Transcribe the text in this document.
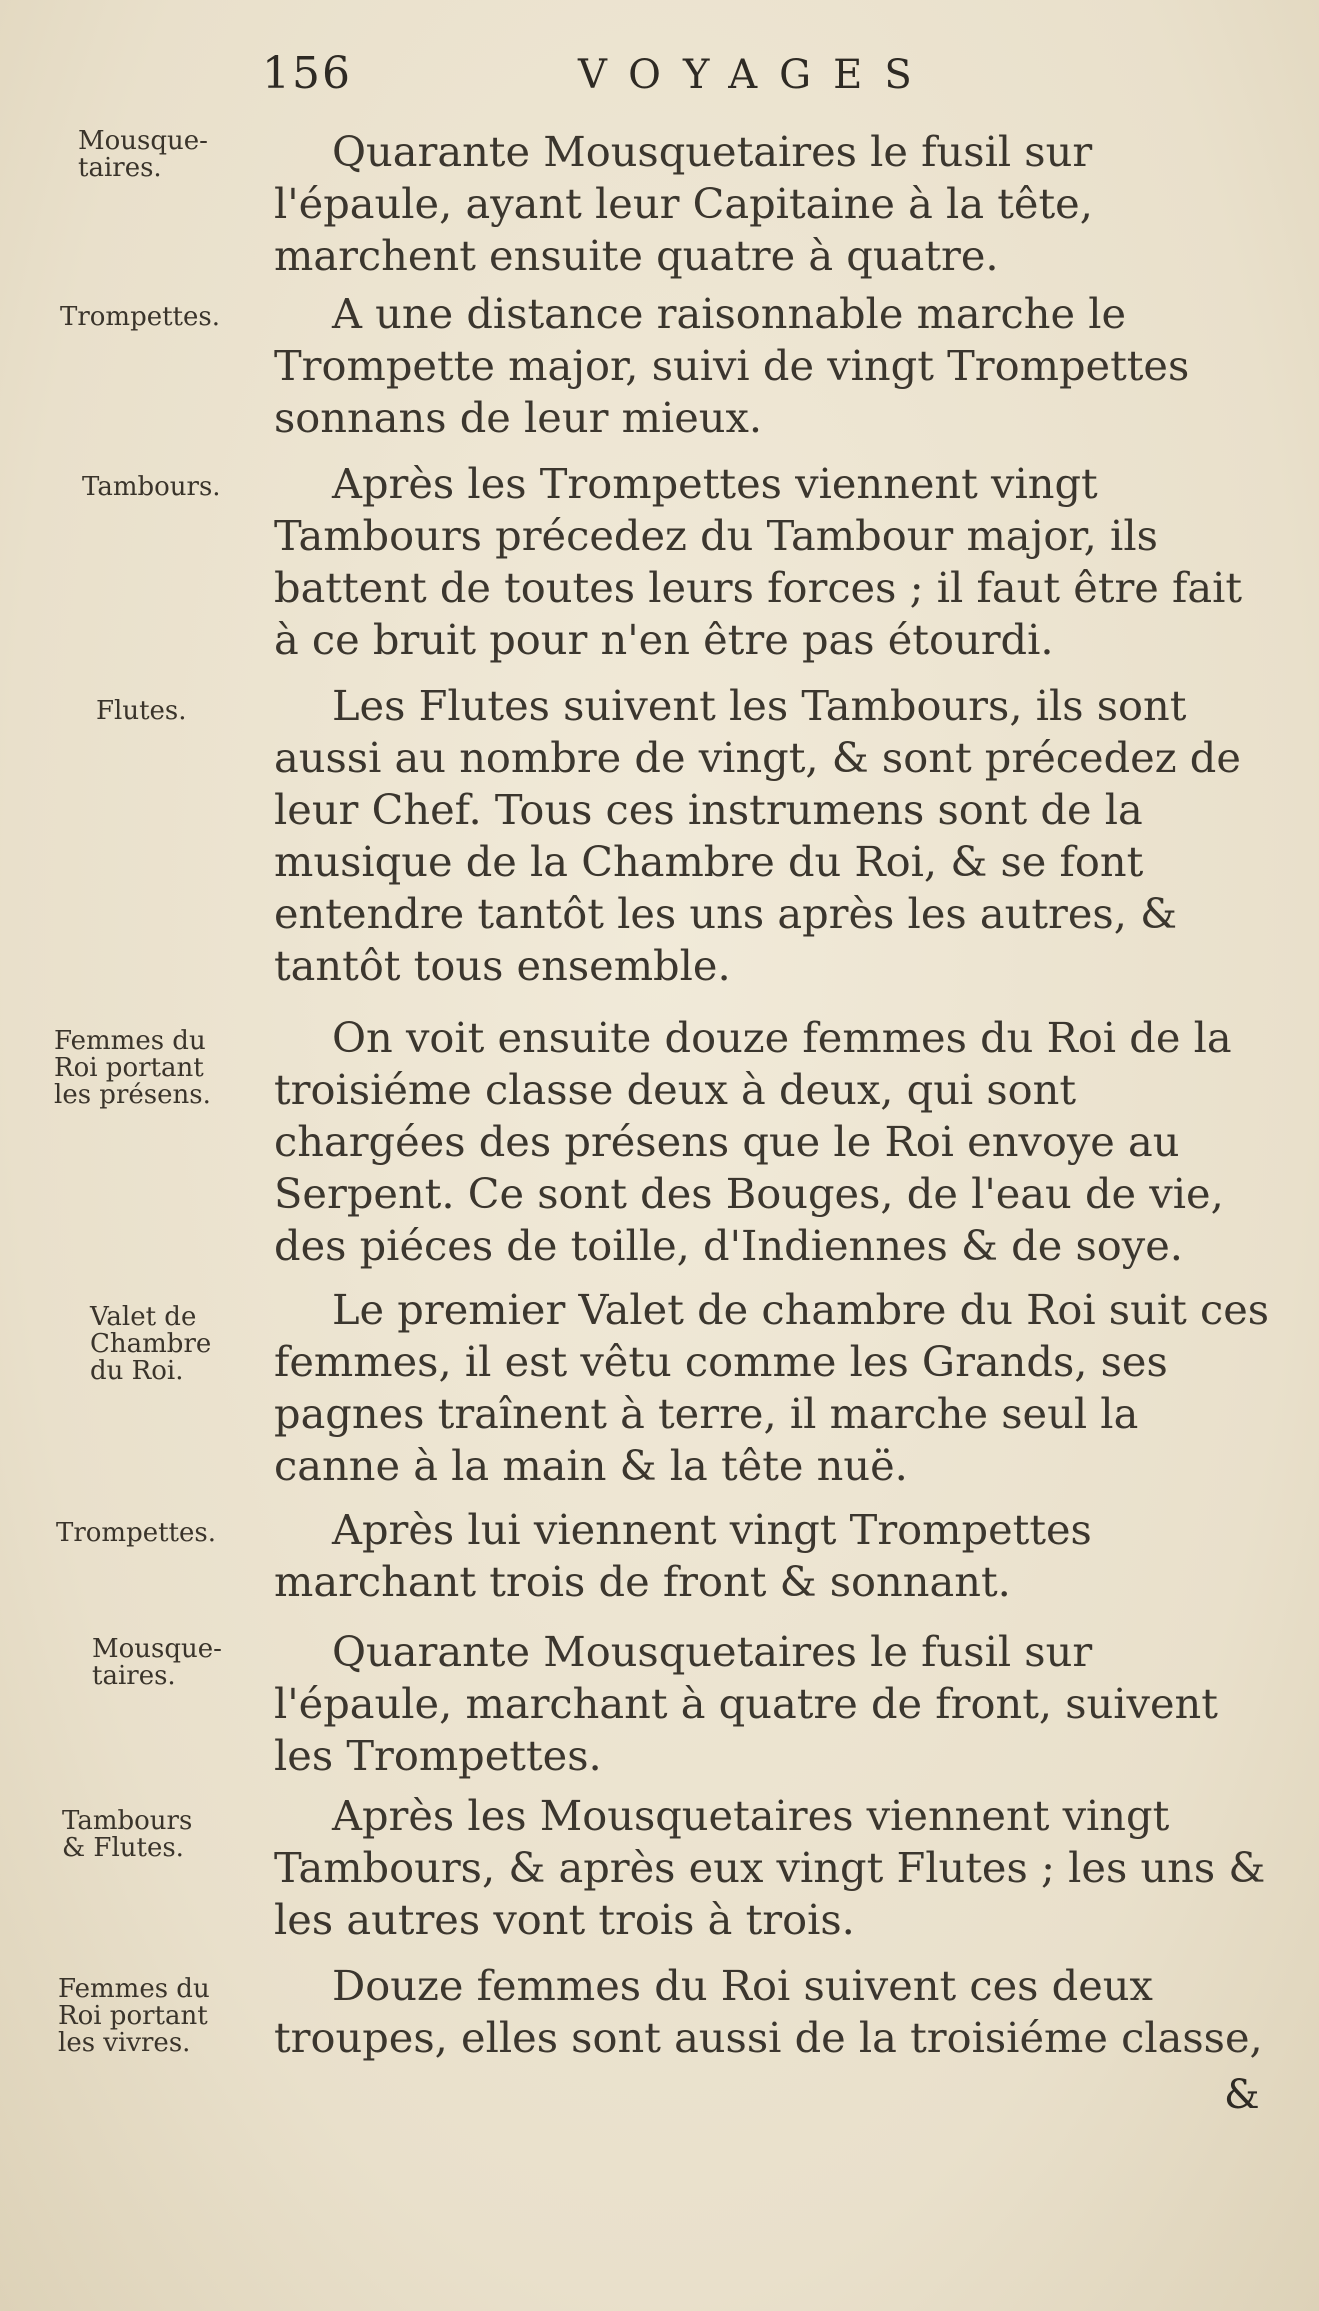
156	VOYAGES
Mousque-
taires.	Quarante Mousquetaires le fusil sur l'épaule, ayant leur Capitaine à la tête, marchent ensuite quatre à quatre.
Trompettes.	A une distance raisonnable marche le Trompette major, suivi de vingt Trompettes sonnans de leur mieux.
Tambours.	Après les Trompettes viennent vingt Tambours précedez du Tambour major, ils battent de toutes leurs forces ; il faut être fait à ce bruit pour n'en être pas étourdi.
Flutes.	Les Flutes suivent les Tambours, ils sont aussi au nombre de vingt, & sont précedez de leur Chef. Tous ces instrumens sont de la musique de la Chambre du Roi, & se font entendre tantôt les uns après les autres, & tantôt tous ensemble.
Femmes du
Roi portant
les présens.
On voit ensuite douze femmes du Roi de la troisiéme classe deux à deux, qui sont chargées des présens que le Roi envoye au Serpent. Ce sont des Bouges, de l'eau de vie, des piéces de toille, d'Indiennes & de soye.
Valet de
Chambre
du Roi.
Le premier Valet de chambre du Roi suit ces femmes, il est vêtu comme les Grands, ses pagnes traînent à terre, il marche seul la canne à la main & la tête nuë.
Trompettes.	Après lui viennent vingt Trompettes marchant trois de front & sonnant.
Mousque-
taires.	Quarante Mousquetaires le fusil sur l'épaule, marchant à quatre de front, suivent les Trompettes.
Tambours
& Flutes.
Après les Mousquetaires viennent vingt Tambours, & après eux vingt Flutes ; les uns & les autres vont trois à trois.
Femmes du
Roi portant
les vivres.
Douze femmes du Roi suivent ces deux troupes, elles sont aussi de la troisiéme classe,
&
